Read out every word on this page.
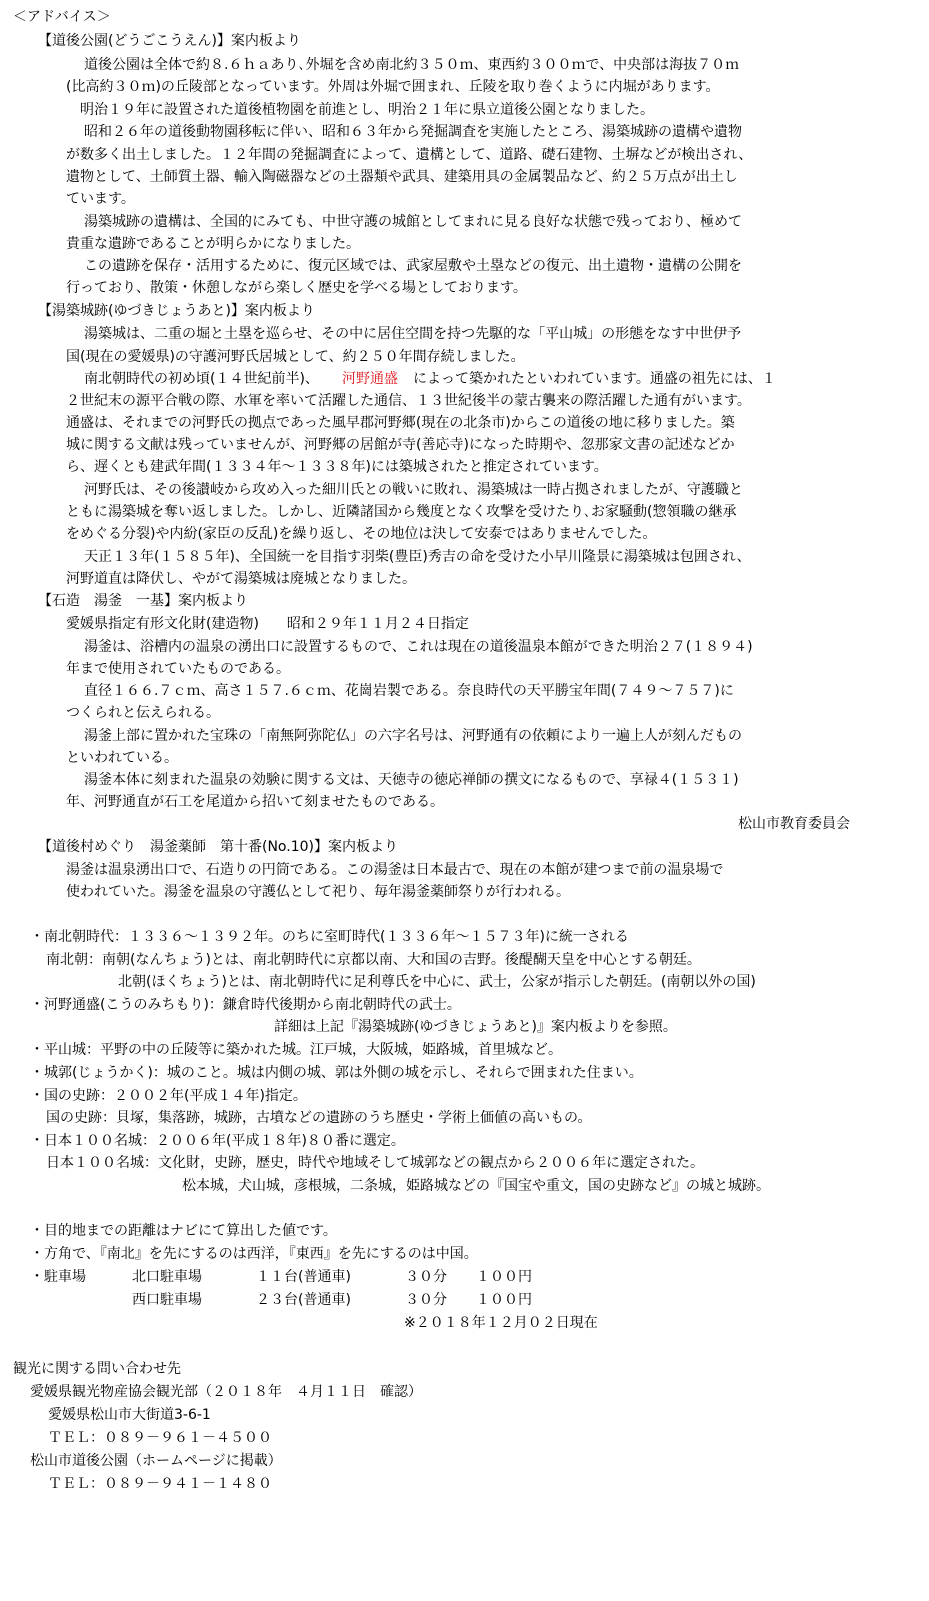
＜アドバイス＞
【道後公園(どうごこうえん)】案内板より
道後公園は全体で約８.６ｈａあり､外堀を含め南北約３５０ｍ、東西約３００ｍで、中央部は海抜７０ｍ
(比高約３０ｍ)の丘陵部となっています。外周は外堀で囲まれ、丘陵を取り巻くように内堀があります。
明治１９年に設置された道後植物園を前進とし、明治２１年に県立道後公園となりました。
昭和２６年の道後動物園移転に伴い、昭和６３年から発掘調査を実施したところ、湯築城跡の遺構や遺物
が数多く出土しました。１２年間の発掘調査によって、遺構として、道路、礎石建物、土塀などが検出され、
遺物として、土師質土器、輸入陶磁器などの土器類や武具、建築用具の金属製品など、約２５万点が出土し
ています。
湯築城跡の遺構は、全国的にみても、中世守護の城館としてまれに見る良好な状態で残っており、極めて
貴重な遺跡であることが明らかになりました。
この遺跡を保存・活用するために、復元区域では、武家屋敷や土塁などの復元、出土遺物・遺構の公開を
行っており、散策・休憩しながら楽しく歴史を学べる場としております。
【湯築城跡(ゆづきじょうあと)】案内板より
湯築城は、二重の堀と土塁を巡らせ、その中に居住空間を持つ先駆的な「平山城」の形態をなす中世伊予
国(現在の愛媛県)の守護河野氏居城として、約２５０年間存続しました。
南北朝時代の初め頃(１４世紀前半)、 河野通盛 によって築かれたといわれています。通盛の祖先には、１
２世紀末の源平合戦の際、水軍を率いて活躍した通信、１３世紀後半の蒙古襲来の際活躍した通有がいます。
通盛は、それまでの河野氏の拠点であった風早郡河野郷(現在の北条市)からこの道後の地に移りました。築
城に関する文献は残っていませんが、河野郷の居館が寺(善応寺)になった時期や、忽那家文書の記述などか
ら、遅くとも建武年間(１３３４年～１３３８年)には築城されたと推定されています。
河野氏は、その後讃岐から攻め入った細川氏との戦いに敗れ、湯築城は一時占拠されましたが、守護職と
ともに湯築城を奪い返しました。しかし、近隣諸国から幾度となく攻撃を受けたり､お家騒動(惣領職の継承
をめぐる分裂)や内紛(家臣の反乱)を繰り返し、その地位は決して安泰ではありませんでした。
天正１３年(１５８５年)、全国統一を目指す羽柴(豊臣)秀吉の命を受けた小早川隆景に湯築城は包囲され、
河野道直は降伏し、やがて湯築城は廃城となりました。
【石造　湯釜　一基】案内板より
愛媛県指定有形文化財(建造物)　　昭和２９年１１月２４日指定
湯釜は、浴槽内の温泉の湧出口に設置するもので、これは現在の道後温泉本館ができた明治２７(１８９４)
年まで使用されていたものである。
直径１６６.７ｃｍ、高さ１５７.６ｃｍ、花崗岩製である。奈良時代の天平勝宝年間(７４９～７５７)に
つくられと伝えられる。
湯釜上部に置かれた宝珠の「南無阿弥陀仏」の六字名号は、河野通有の依頼により一遍上人が刻んだもの
といわれている。
湯釜本体に刻まれた温泉の効験に関する文は、天徳寺の徳応禅師の撰文になるもので、享禄４(１５３１)
年、河野通直が石工を尾道から招いて刻ませたものである。
松山市教育委員会
【道後村めぐり　湯釜薬師　第十番(No.10)】案内板より
湯釜は温泉湧出口で、石造りの円筒である。この湯釜は日本最古で、現在の本館が建つまで前の温泉場で
使われていた。湯釜を温泉の守護仏として祀り、毎年湯釜薬師祭りが行われる。
・南北朝時代：１３３６～１３９２年。のちに室町時代(１３３６年～１５７３年)に統一される
南北朝：南朝(なんちょう)とは、南北朝時代に京都以南、大和国の吉野。後醍醐天皇を中心とする朝廷。
北朝(ほくちょう)とは、南北朝時代に足利尊氏を中心に、武士，公家が指示した朝廷。(南朝以外の国)
・河野通盛(こうのみちもり)：鎌倉時代後期から南北朝時代の武士。
詳細は上記『湯築城跡(ゆづきじょうあと)』案内板よりを参照。
・平山城：平野の中の丘陵等に築かれた城。江戸城，大阪城，姫路城，首里城など。
・城郭(じょうかく)：城のこと。城は内側の城、郭は外側の城を示し、それらで囲まれた住まい。
・国の史跡：２００２年(平成１４年)指定。
国の史跡：貝塚，集落跡，城跡，古墳などの遺跡のうち歴史・学術上価値の高いもの。
・日本１００名城：２００６年(平成１８年)８０番に選定。
日本１００名城：文化財，史跡，歴史，時代や地域そして城郭などの観点から２００６年に選定された。
松本城，犬山城，彦根城，二条城，姫路城などの『国宝や重文，国の史跡など』の城と城跡。
・目的地までの距離はナビにて算出した値です。
・方角で、『南北』を先にするのは西洋，『東西』を先にするのは中国。
・駐車場	北口駐車場	１１台(普通車)	３０分 １００円
西口駐車場	２３台(普通車)	３０分 １００円
※２０１８年１２月０２日現在
観光に関する問い合わせ先
愛媛県観光物産協会観光部（２０１８年　４月１１日　確認）
愛媛県松山市大街道3-6-1
ＴＥＬ：０８９－９６１－４５００
松山市道後公園（ホームページに掲載）
ＴＥＬ：０８９－９４１－１４８０
